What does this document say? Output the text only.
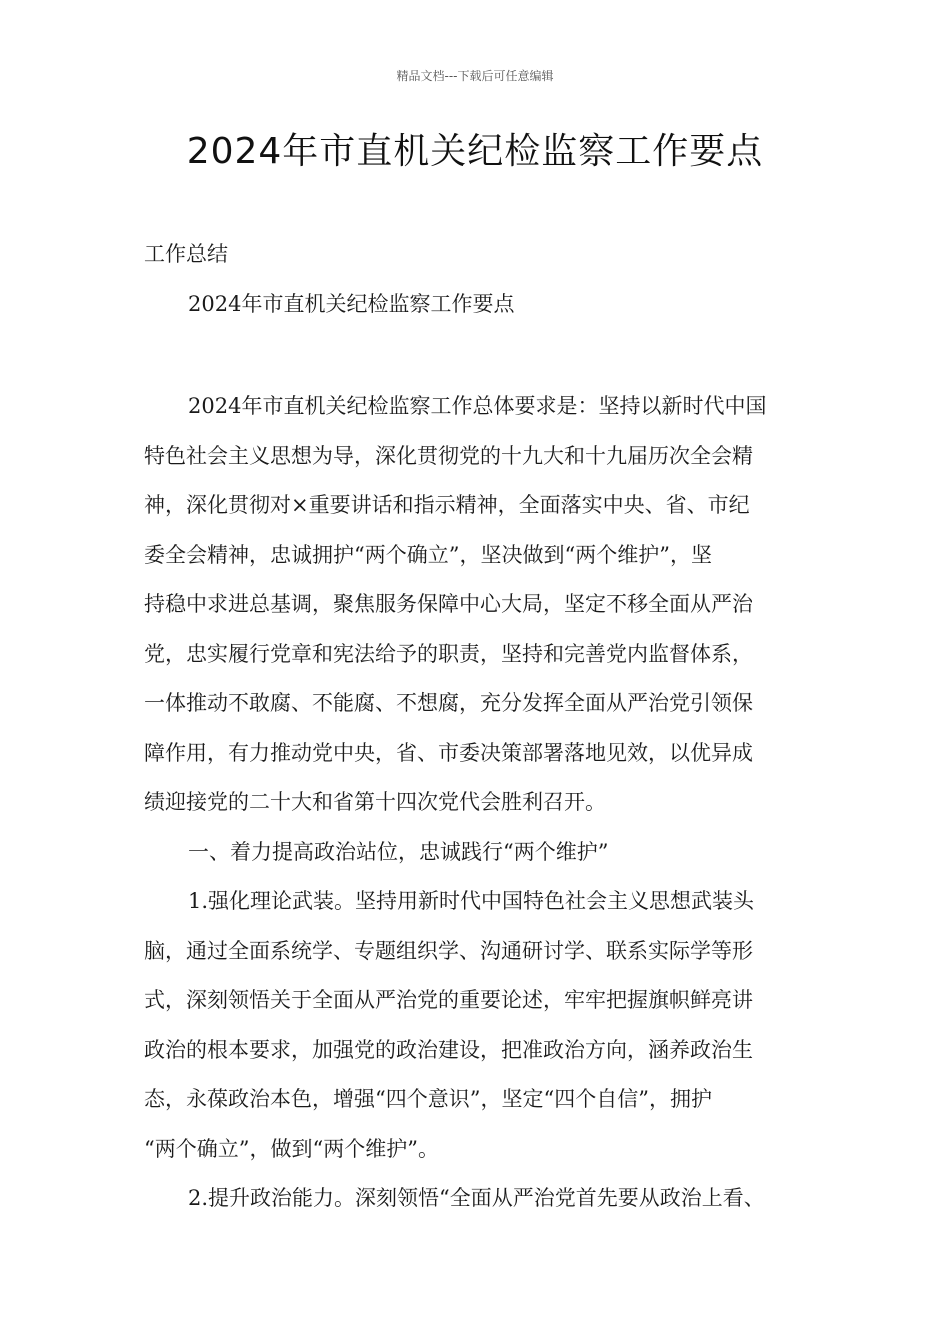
精品文档---下载后可任意编辑
2024年市直机关纪检监察工作要点

工作总结

2024年市直机关纪检监察工作要点

2024年市直机关纪检监察工作总体要求是：坚持以新时代中国

特色社会主义思想为导，深化贯彻党的十九大和十九届历次全会精

神，深化贯彻对×重要讲话和指示精神，全面落实中央、省、市纪

委全会精神，忠诚拥护“两个确立”，坚决做到“两个维护”，坚

持稳中求进总基调，聚焦服务保障中心大局，坚定不移全面从严治

党，忠实履行党章和宪法给予的职责，坚持和完善党内监督体系，

一体推动不敢腐、不能腐、不想腐，充分发挥全面从严治党引领保

障作用，有力推动党中央，省、市委决策部署落地见效，以优异成

绩迎接党的二十大和省第十四次党代会胜利召开。

一、着力提高政治站位，忠诚践行“两个维护”

1.强化理论武装。坚持用新时代中国特色社会主义思想武装头

脑，通过全面系统学、专题组织学、沟通研讨学、联系实际学等形

式，深刻领悟关于全面从严治党的重要论述，牢牢把握旗帜鲜亮讲

政治的根本要求，加强党的政治建设，把准政治方向，涵养政治生

态，永葆政治本色，增强“四个意识”，坚定“四个自信”，拥护

“两个确立”，做到“两个维护”。

2.提升政治能力。深刻领悟“全面从严治党首先要从政治上看、
